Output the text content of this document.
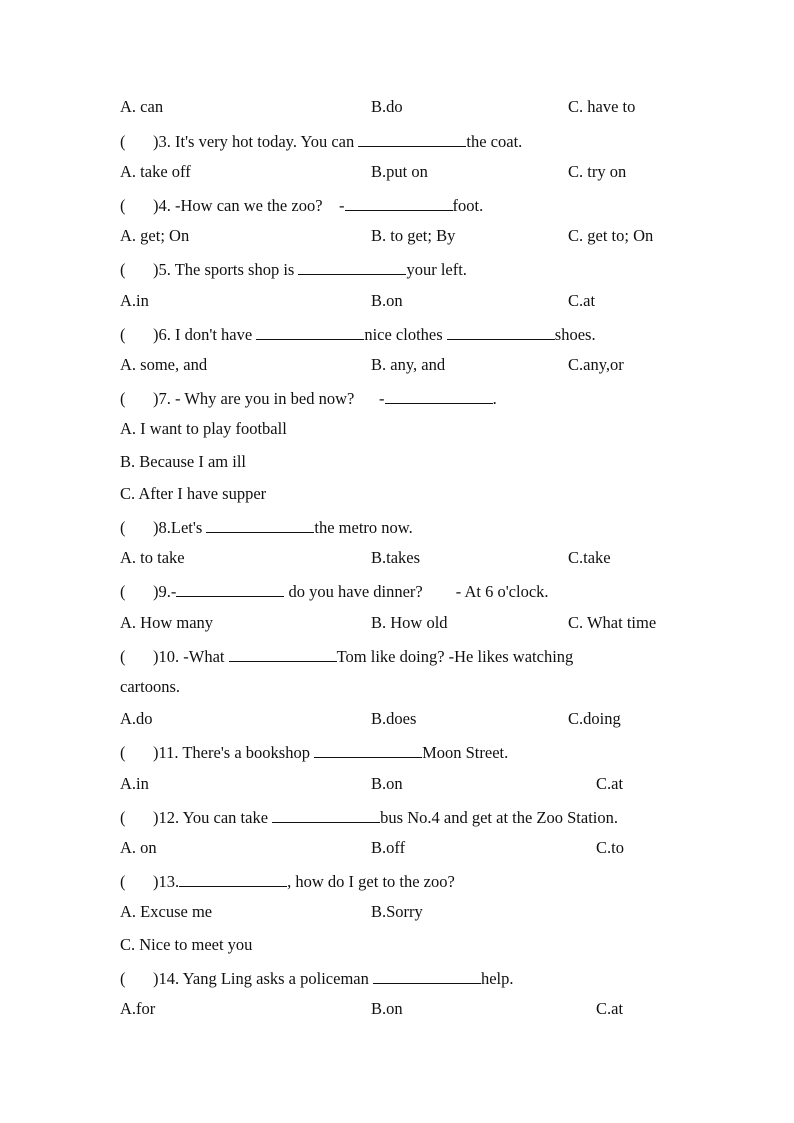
A. can	B.do	C. have to
( )3. It's very hot today. You can	the coat.
A. take off	B.put on	C. try on
( )4. -How can we the zoo?    -	foot.
A. get; On	B. to get; By	C. get to; On
( )5. The sports shop is	your left.
A.in	B.on	C.at
( )6. I don't have	nice clothes	shoes.
A. some, and	B. any, and	C.any,or
( )7. - Why are you in bed now?      -	.
A. I want to play football
B. Because I am ill
C. After I have supper
( )8.Let's	the metro now.
A. to take	B.takes	C.take
( )9.-	do you have dinner?        - At 6 o'clock.
A. How many	B. How old	C. What time
( )10. -What	Tom like doing? -He likes watching
cartoons.
A.do	B.does	C.doing
( )11. There's a bookshop	Moon Street.
A.in	B.on	C.at
( )12. You can take	bus No.4 and get at the Zoo Station.
A. on	B.off	C.to
( )13.	, how do I get to the zoo?
A. Excuse me	B.Sorry
C. Nice to meet you
( )14. Yang Ling asks a policeman	help.
A.for	B.on	C.at
